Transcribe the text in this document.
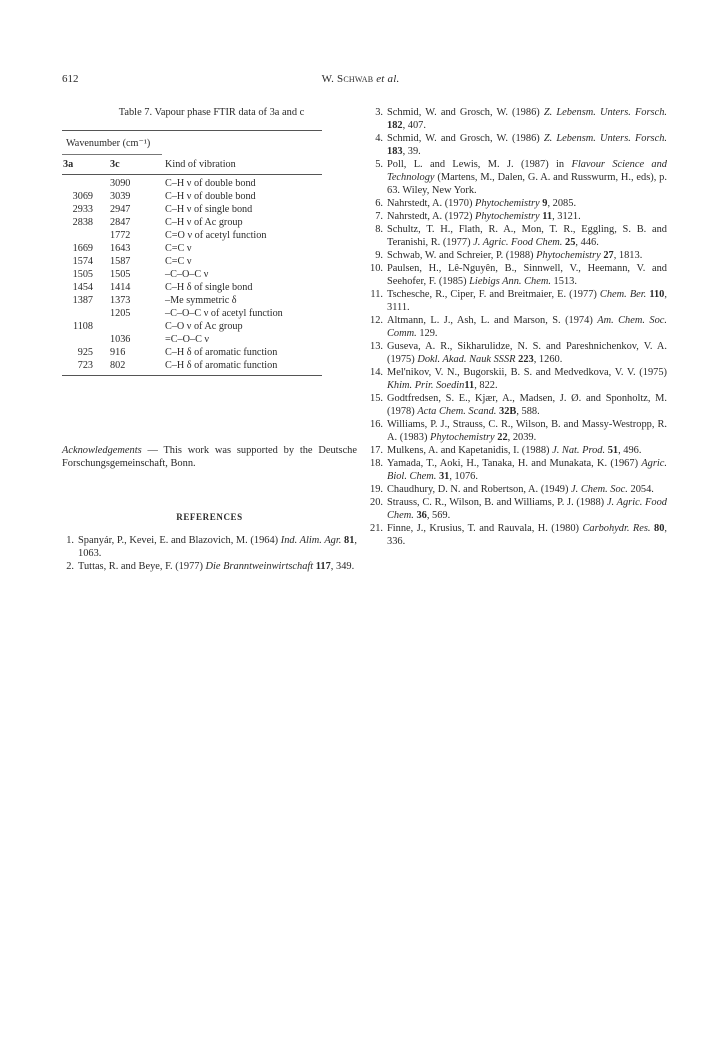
612	W. Schwab et al.
Table 7. Vapour phase FTIR data of 3a and c
Wavenumber (cm⁻¹)		

3a	3c	Kind of vibration

	3090	C–H ν of double bond
3069	3039	C–H ν of double bond
2933	2947	C–H ν of single bond
2838	2847	C–H ν of Ac group
	1772	C=O ν of acetyl function
1669	1643	C=C ν
1574	1587	C=C ν
1505	1505	–C–O–C ν
1454	1414	C–H δ of single bond
1387	1373	–Me symmetric δ
	1205	–C–O–C ν of acetyl function
1108		C–O ν of Ac group
	1036	=C–O–C ν
925	916	C–H δ of aromatic function
723	802	C–H δ of aromatic function

Acknowledgements — This work was supported by the Deutsche Forschungsgemeinschaft, Bonn.
REFERENCES
1. Spanyár, P., Kevei, E. and Blazovich, M. (1964) Ind. Alim. Agr. 81, 1063.
2. Tuttas, R. and Beye, F. (1977) Die Branntweinwirtschaft 117, 349.
3. Schmid, W. and Grosch, W. (1986) Z. Lebensm. Unters. Forsch. 182, 407.
4. Schmid, W. and Grosch, W. (1986) Z. Lebensm. Unters. Forsch. 183, 39.
5. Poll, L. and Lewis, M. J. (1987) in Flavour Science and Technology (Martens, M., Dalen, G. A. and Russwurm, H., eds), p. 63. Wiley, New York.
6. Nahrstedt, A. (1970) Phytochemistry 9, 2085.
7. Nahrstedt, A. (1972) Phytochemistry 11, 3121.
8. Schultz, T. H., Flath, R. A., Mon, T. R., Eggling, S. B. and Teranishi, R. (1977) J. Agric. Food Chem. 25, 446.
9. Schwab, W. and Schreier, P. (1988) Phytochemistry 27, 1813.
10. Paulsen, H., Lê-Nguyên, B., Sinnwell, V., Heemann, V. and Seehofer, F. (1985) Liebigs Ann. Chem. 1513.
11. Tschesche, R., Ciper, F. and Breitmaier, E. (1977) Chem. Ber. 110, 3111.
12. Altmann, L. J., Ash, L. and Marson, S. (1974) Am. Chem. Soc. Comm. 129.
13. Guseva, A. R., Sikharulidze, N. S. and Pareshnichenkov, V. A. (1975) Dokl. Akad. Nauk SSSR 223, 1260.
14. Mel'nikov, V. N., Bugorskii, B. S. and Medvedkova, V. V. (1975) Khim. Prir. Soedin11, 822.
15. Godtfredsen, S. E., Kjær, A., Madsen, J. Ø. and Sponholtz, M. (1978) Acta Chem. Scand. 32B, 588.
16. Williams, P. J., Strauss, C. R., Wilson, B. and Massy-Westropp, R. A. (1983) Phytochemistry 22, 2039.
17. Mulkens, A. and Kapetanidis, I. (1988) J. Nat. Prod. 51, 496.
18. Yamada, T., Aoki, H., Tanaka, H. and Munakata, K. (1967) Agric. Biol. Chem. 31, 1076.
19. Chaudhury, D. N. and Robertson, A. (1949) J. Chem. Soc. 2054.
20. Strauss, C. R., Wilson, B. and Williams, P. J. (1988) J. Agric. Food Chem. 36, 569.
21. Finne, J., Krusius, T. and Rauvala, H. (1980) Carbohydr. Res. 80, 336.
